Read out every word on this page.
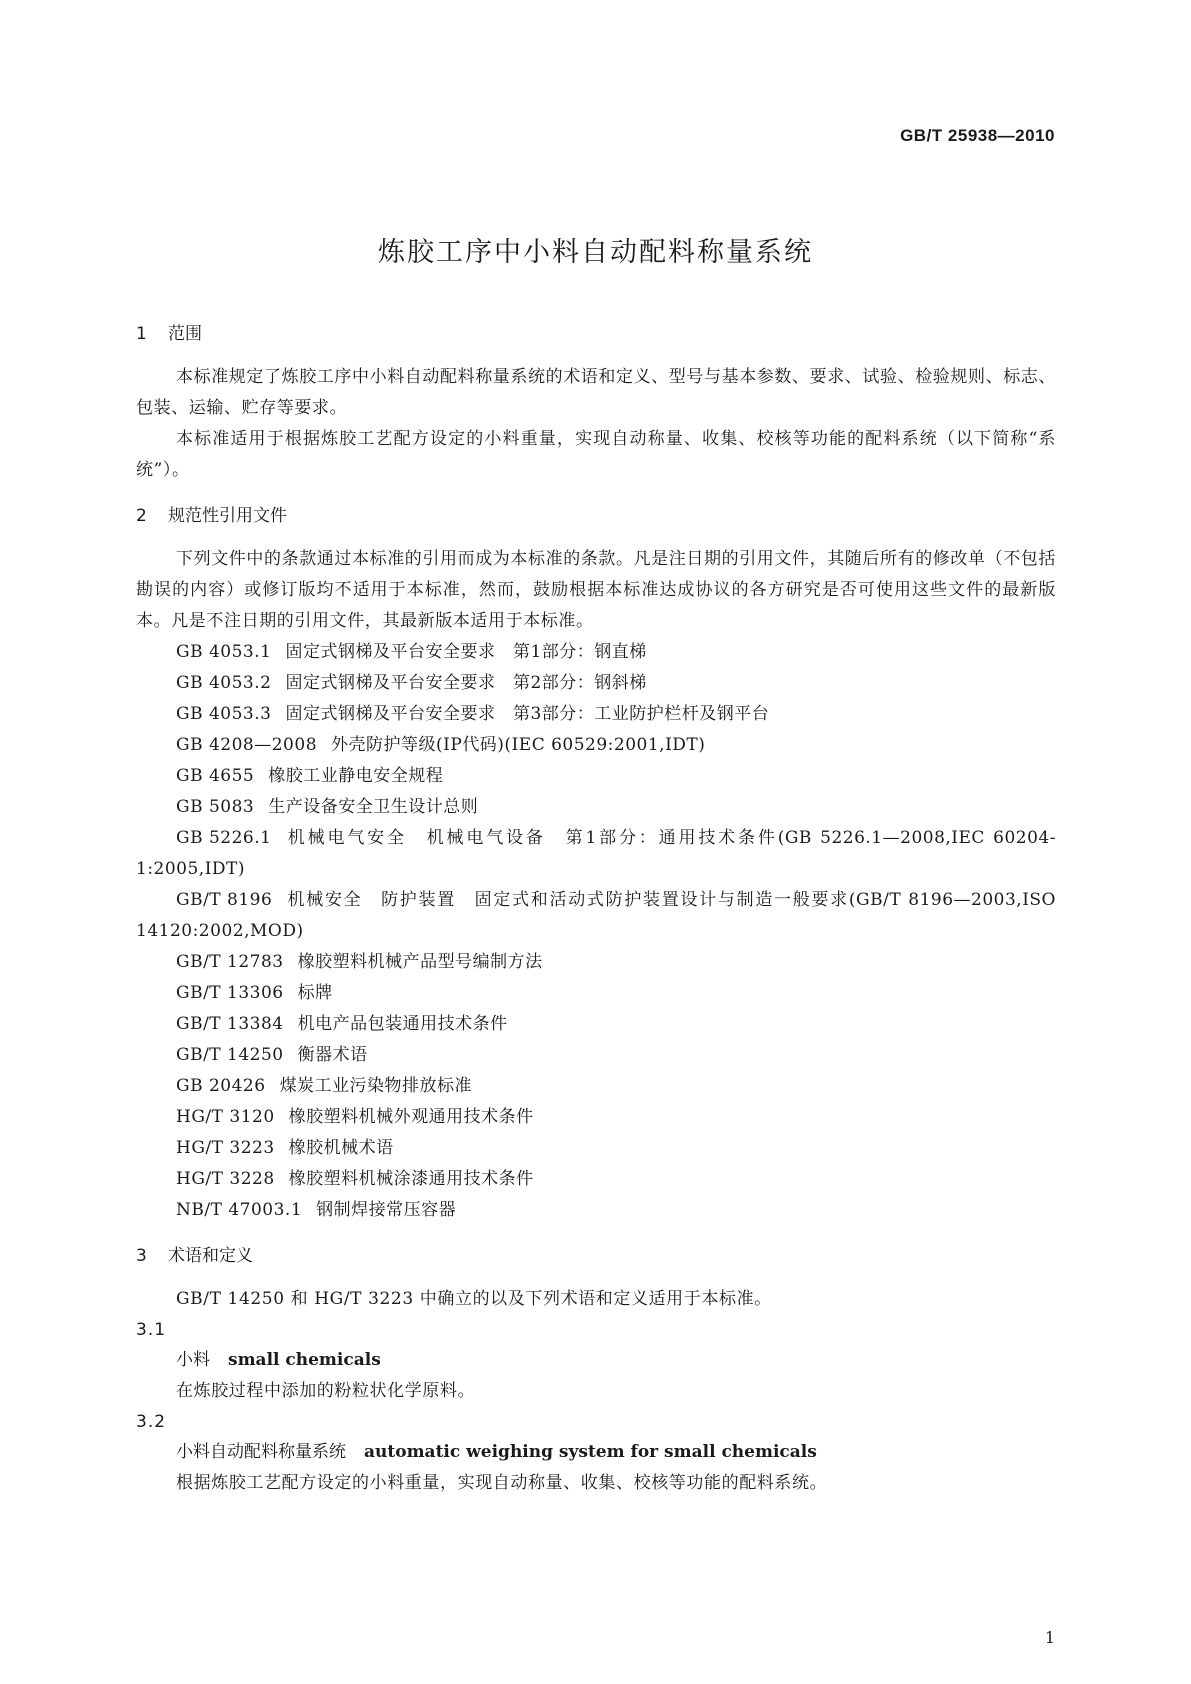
GB/T 25938—2010
炼胶工序中小料自动配料称量系统
1 范围
本标准规定了炼胶工序中小料自动配料称量系统的术语和定义、型号与基本参数、要求、试验、检验规则、标志、包装、运输、贮存等要求。
本标准适用于根据炼胶工艺配方设定的小料重量，实现自动称量、收集、校核等功能的配料系统（以下简称“系统”）。
2 规范性引用文件
下列文件中的条款通过本标准的引用而成为本标准的条款。凡是注日期的引用文件，其随后所有的修改单（不包括勘误的内容）或修订版均不适用于本标准，然而，鼓励根据本标准达成协议的各方研究是否可使用这些文件的最新版本。凡是不注日期的引用文件，其最新版本适用于本标准。
GB 4053.1 固定式钢梯及平台安全要求　第1部分：钢直梯
GB 4053.2 固定式钢梯及平台安全要求　第2部分：钢斜梯
GB 4053.3 固定式钢梯及平台安全要求　第3部分：工业防护栏杆及钢平台
GB 4208—2008 外壳防护等级(IP代码)(IEC 60529:2001,IDT)
GB 4655 橡胶工业静电安全规程
GB 5083 生产设备安全卫生设计总则
GB 5226.1 机械电气安全　机械电气设备　第1部分：通用技术条件(GB 5226.1—2008,IEC 60204-1:2005,IDT)
GB/T 8196 机械安全　防护装置　固定式和活动式防护装置设计与制造一般要求(GB/T 8196—2003,ISO 14120:2002,MOD)
GB/T 12783 橡胶塑料机械产品型号编制方法
GB/T 13306 标牌
GB/T 13384 机电产品包装通用技术条件
GB/T 14250 衡器术语
GB 20426 煤炭工业污染物排放标准
HG/T 3120 橡胶塑料机械外观通用技术条件
HG/T 3223 橡胶机械术语
HG/T 3228 橡胶塑料机械涂漆通用技术条件
NB/T 47003.1 钢制焊接常压容器
3 术语和定义
GB/T 14250 和 HG/T 3223 中确立的以及下列术语和定义适用于本标准。
3.1
小料 small chemicals
在炼胶过程中添加的粉粒状化学原料。
3.2
小料自动配料称量系统 automatic weighing system for small chemicals
根据炼胶工艺配方设定的小料重量，实现自动称量、收集、校核等功能的配料系统。
1
